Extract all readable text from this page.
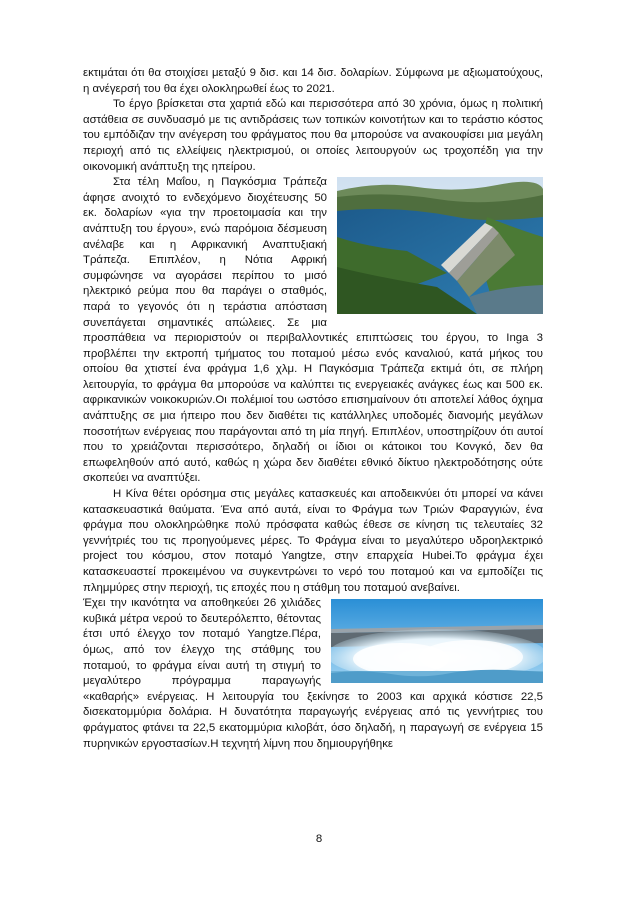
εκτιμάται ότι θα στοιχίσει μεταξύ 9 δισ. και 14 δισ. δολαρίων. Σύμφωνα με αξιωματούχους, η ανέγερσή του θα έχει ολοκληρωθεί έως το 2021.

Το έργο βρίσκεται στα χαρτιά εδώ και περισσότερα από 30 χρόνια, όμως η πολιτική αστάθεια σε συνδυασμό με τις αντιδράσεις των τοπικών κοινοτήτων και το τεράστιο κόστος του εμπόδιζαν την ανέγερση του φράγματος που θα μπορούσε να ανακουφίσει μια μεγάλη περιοχή από τις ελλείψεις ηλεκτρισμού, οι οποίες λειτουργούν ως τροχοπέδη για την οικονομική ανάπτυξη της ηπείρου.

Στα τέλη Μαΐου, η Παγκόσμια Τράπεζα άφησε ανοιχτό το ενδεχόμενο διοχέτευσης 50 εκ. δολαρίων «για την προετοιμασία και την ανάπτυξη του έργου», ενώ παρόμοια δέσμευση ανέλαβε και η Αφρικανική Αναπτυξιακή Τράπεζα. Επιπλέον, η Νότια Αφρική συμφώνησε να αγοράσει περίπου το μισό ηλεκτρικό ρεύμα που θα παράγει ο σταθμός, παρά το γεγονός ότι η τεράστια απόσταση συνεπάγεται σημαντικές απώλειες. Σε μια προσπάθεια να περιοριστούν οι περιβαλλοντικές επιπτώσεις του έργου, το Inga 3 προβλέπει την εκτροπή τμήματος του ποταμού μέσω ενός καναλιού, κατά μήκος του οποίου θα χτιστεί ένα φράγμα 1,6 χλμ. Η Παγκόσμια Τράπεζα εκτιμά ότι, σε πλήρη λειτουργία, το φράγμα θα μπορούσε να καλύπτει τις ενεργειακές ανάγκες έως και 500 εκ. αφρικανικών νοικοκυριών.Οι πολέμιοί του ωστόσο επισημαίνουν ότι αποτελεί λάθος όχημα ανάπτυξης σε μια ήπειρο που δεν διαθέτει τις κατάλληλες υποδομές διανομής μεγάλων ποσοτήτων ενέργειας που παράγονται από τη μία πηγή. Επιπλέον, υποστηρίζουν ότι αυτοί που το χρειάζονται περισσότερο, δηλαδή οι ίδιοι οι κάτοικοι του Κονγκό, δεν θα επωφεληθούν από αυτό, καθώς η χώρα δεν διαθέτει εθνικό δίκτυο ηλεκτροδότησης ούτε σκοπεύει να αναπτύξει.

Η Κίνα θέτει ορόσημα στις μεγάλες κατασκευές και αποδεικνύει ότι μπορεί να κάνει κατασκευαστικά θαύματα. Ένα από αυτά, είναι το Φράγμα των Τριών Φαραγγιών, ένα φράγμα που ολοκληρώθηκε πολύ πρόσφατα καθώς έθεσε σε κίνηση τις τελευταίες 32 γεννήτριές του τις προηγούμενες μέρες. Το Φράγμα είναι το μεγαλύτερο υδροηλεκτρικό project του κόσμου, στον ποταμό Yangtze, στην επαρχεία Hubei.Το φράγμα έχει κατασκευαστεί προκειμένου να συγκεντρώνει το νερό του ποταμού και να εμποδίζει τις πλημμύρες στην περιοχή, τις εποχές που η στάθμη του ποταμού ανεβαίνει.

Έχει την ικανότητα να αποθηκεύει 26 χιλιάδες κυβικά μέτρα νερού το δευτερόλεπτο, θέτοντας έτσι υπό έλεγχο τον ποταμό Yangtze.Πέρα, όμως, από τον έλεγχο της στάθμης του ποταμού, το φράγμα είναι αυτή τη στιγμή το μεγαλύτερο πρόγραμμα παραγωγής «καθαρής» ενέργειας. Η λειτουργία του ξεκίνησε το 2003 και αρχικά κόστισε 22,5 δισεκατομμύρια δολάρια. Η δυνατότητα παραγωγής ενέργειας από τις γεννήτριες του φράγματος φτάνει τα 22,5 εκατομμύρια κιλοβάτ, όσο δηλαδή, η παραγωγή σε ενέργεια 15 πυρηνικών εργοστασίων.Η τεχνητή λίμνη που δημιουργήθηκε

8
